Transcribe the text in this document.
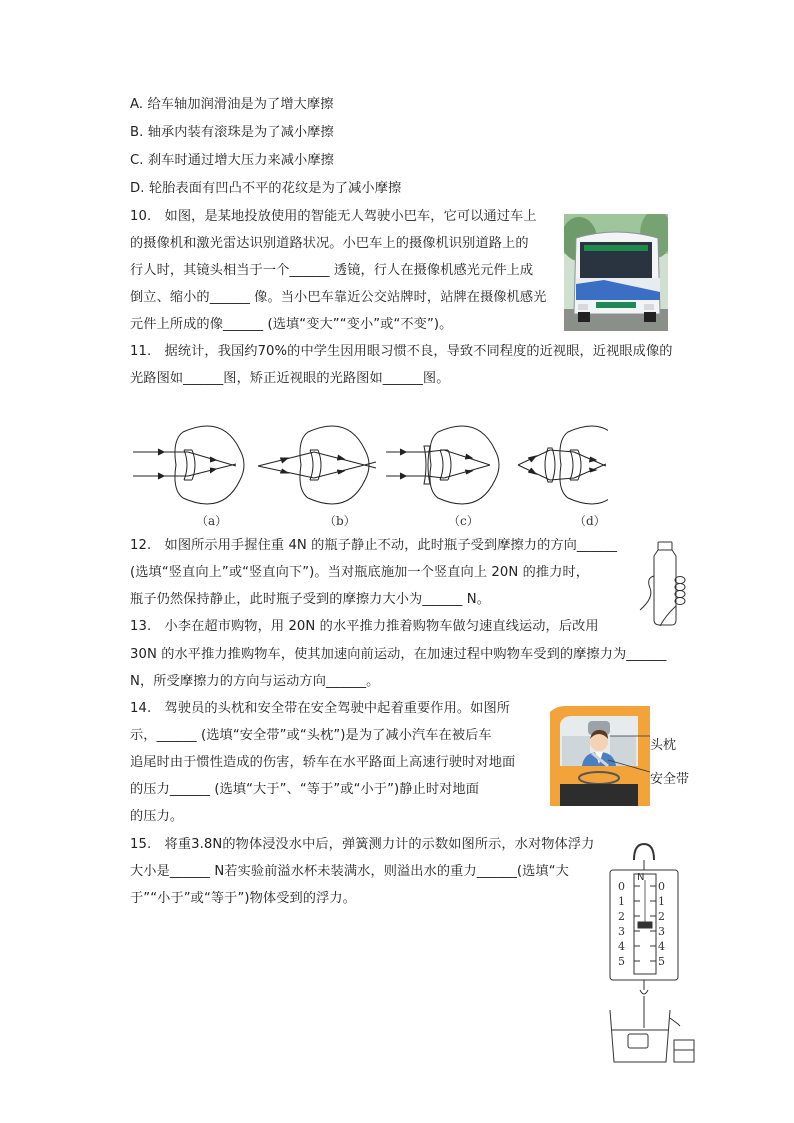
A. 给车轴加润滑油是为了增大摩擦
B. 轴承内装有滚珠是为了减小摩擦
C. 刹车时通过增大压力来减小摩擦
D. 轮胎表面有凹凸不平的花纹是为了减小摩擦
10.　如图，是某地投放使用的智能无人驾驶小巴车，它可以通过车上
的摄像机和激光雷达识别道路状况。小巴车上的摄像机识别道路上的
行人时，其镜头相当于一个______ 透镜，行人在摄像机感光元件上成
倒立、缩小的______ 像。当小巴车靠近公交站牌时，站牌在摄像机感光
元件上所成的像______ (选填“变大”“变小”或“不变”)。
11.　据统计，我国约70%的中学生因用眼习惯不良，导致不同程度的近视眼，近视眼成像的
光路图如______图，矫正近视眼的光路图如______图。
（a）	（b）	（c）	（d）
12.　如图所示用手握住重 4N 的瓶子静止不动，此时瓶子受到摩擦力的方向______
(选填“竖直向上”或“竖直向下”)。当对瓶底施加一个竖直向上 20N 的推力时，
瓶子仍然保持静止，此时瓶子受到的摩擦力大小为______ N。
13.　小李在超市购物，用 20N 的水平推力推着购物车做匀速直线运动，后改用
30N 的水平推力推购物车，使其加速向前运动，在加速过程中购物车受到的摩擦力为______
N，所受摩擦力的方向与运动方向______。
14.　驾驶员的头枕和安全带在安全驾驶中起着重要作用。如图所
示，______ (选填“安全带”或“头枕”)是为了减小汽车在被后车
追尾时由于惯性造成的伤害，轿车在水平路面上高速行驶时对地面
的压力______ (选填“大于”、“等于”或“小于”)静止时对地面
的压力。
头枕
安全带
15.　将重3.8N的物体浸没水中后，弹簧测力计的示数如图所示，水对物体浮力
大小是______ N若实验前溢水杯未装满水，则溢出水的重力______(选填“大
于”“小于”或“等于”)物体受到的浮力。
N
0
1
2
3
4
5
0
1
2
3
4
5
